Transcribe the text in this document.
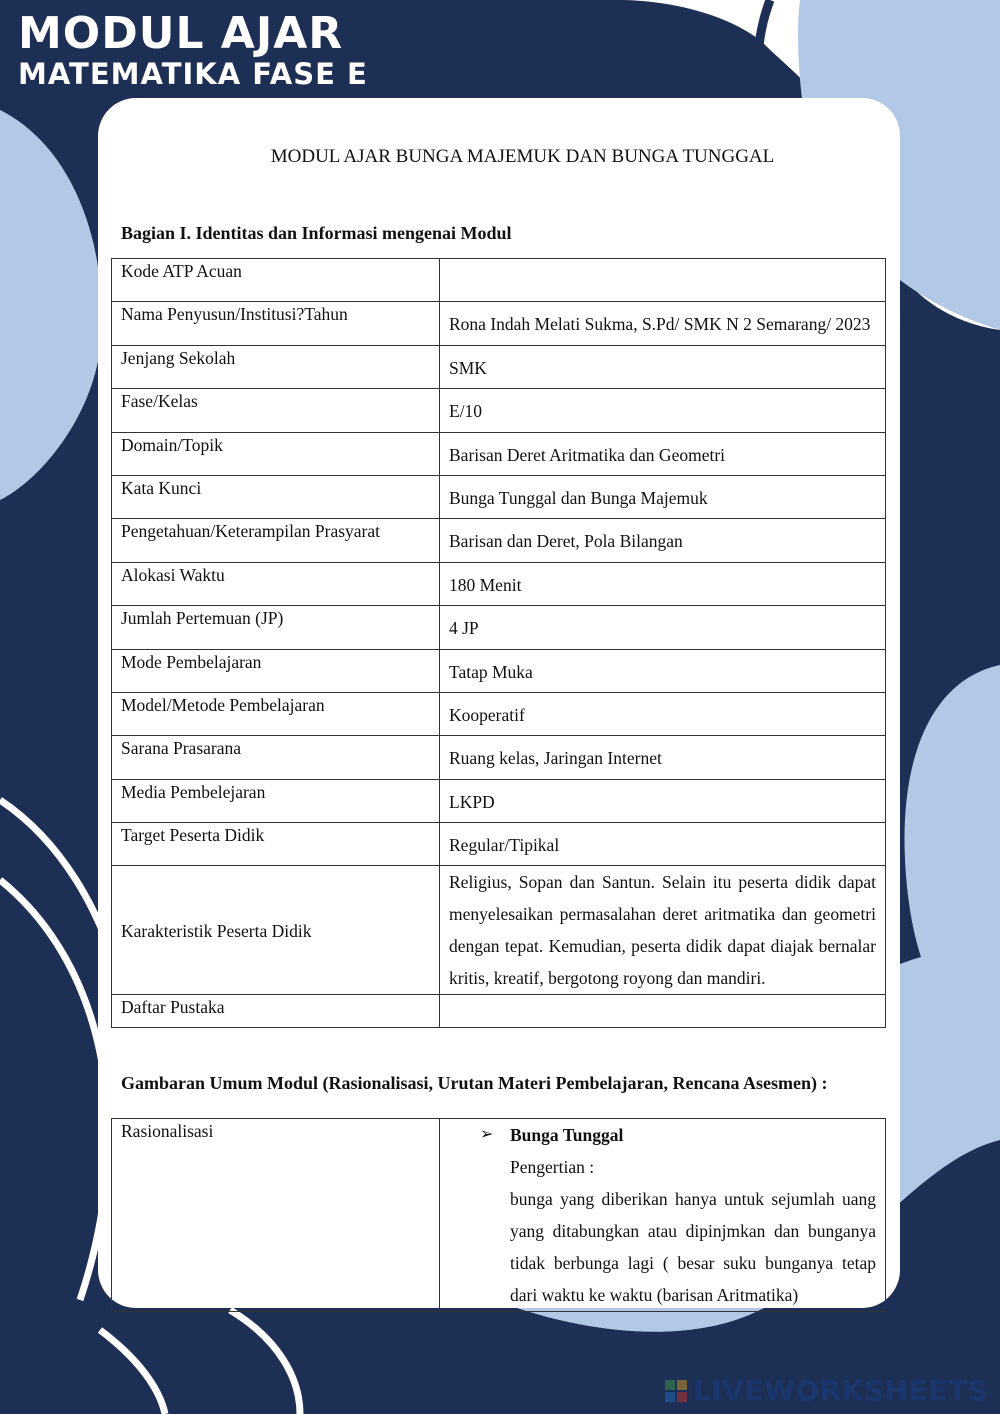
MODUL AJAR
MATEMATIKA FASE E
MODUL AJAR BUNGA MAJEMUK DAN BUNGA TUNGGAL
Bagian I. Identitas dan Informasi mengenai Modul
Kode ATP Acuan	
Nama Penyusun/Institusi?Tahun	Rona Indah Melati Sukma, S.Pd/ SMK N 2 Semarang/ 2023
Jenjang Sekolah	SMK
Fase/Kelas	E/10
Domain/Topik	Barisan Deret Aritmatika dan Geometri
Kata Kunci	Bunga Tunggal dan Bunga Majemuk
Pengetahuan/Keterampilan Prasyarat	Barisan dan Deret, Pola Bilangan
Alokasi Waktu	180 Menit
Jumlah Pertemuan (JP)	4 JP
Mode Pembelajaran	Tatap Muka
Model/Metode Pembelajaran	Kooperatif
Sarana Prasarana	Ruang kelas, Jaringan Internet
Media Pembelejaran	LKPD
Target Peserta Didik	Regular/Tipikal
Karakteristik Peserta Didik	Religius, Sopan dan Santun. Selain itu peserta didik dapat menyelesaikan permasalahan deret aritmatika dan geometri dengan tepat. Kemudian, peserta didik dapat diajak bernalar kritis, kreatif, bergotong royong dan mandiri.
Daftar Pustaka	
Gambaran Umum Modul (Rasionalisasi, Urutan Materi Pembelajaran, Rencana Asesmen) :
Rasionalisasi	➢ Bunga Tunggal
Pengertian :
bunga yang diberikan hanya untuk sejumlah uang yang ditabungkan atau dipinjmkan dan bunganya tidak berbunga lagi ( besar suku bunganya tetap dari waktu ke waktu (barisan Aritmatika)
LIVEWORKSHEETS
